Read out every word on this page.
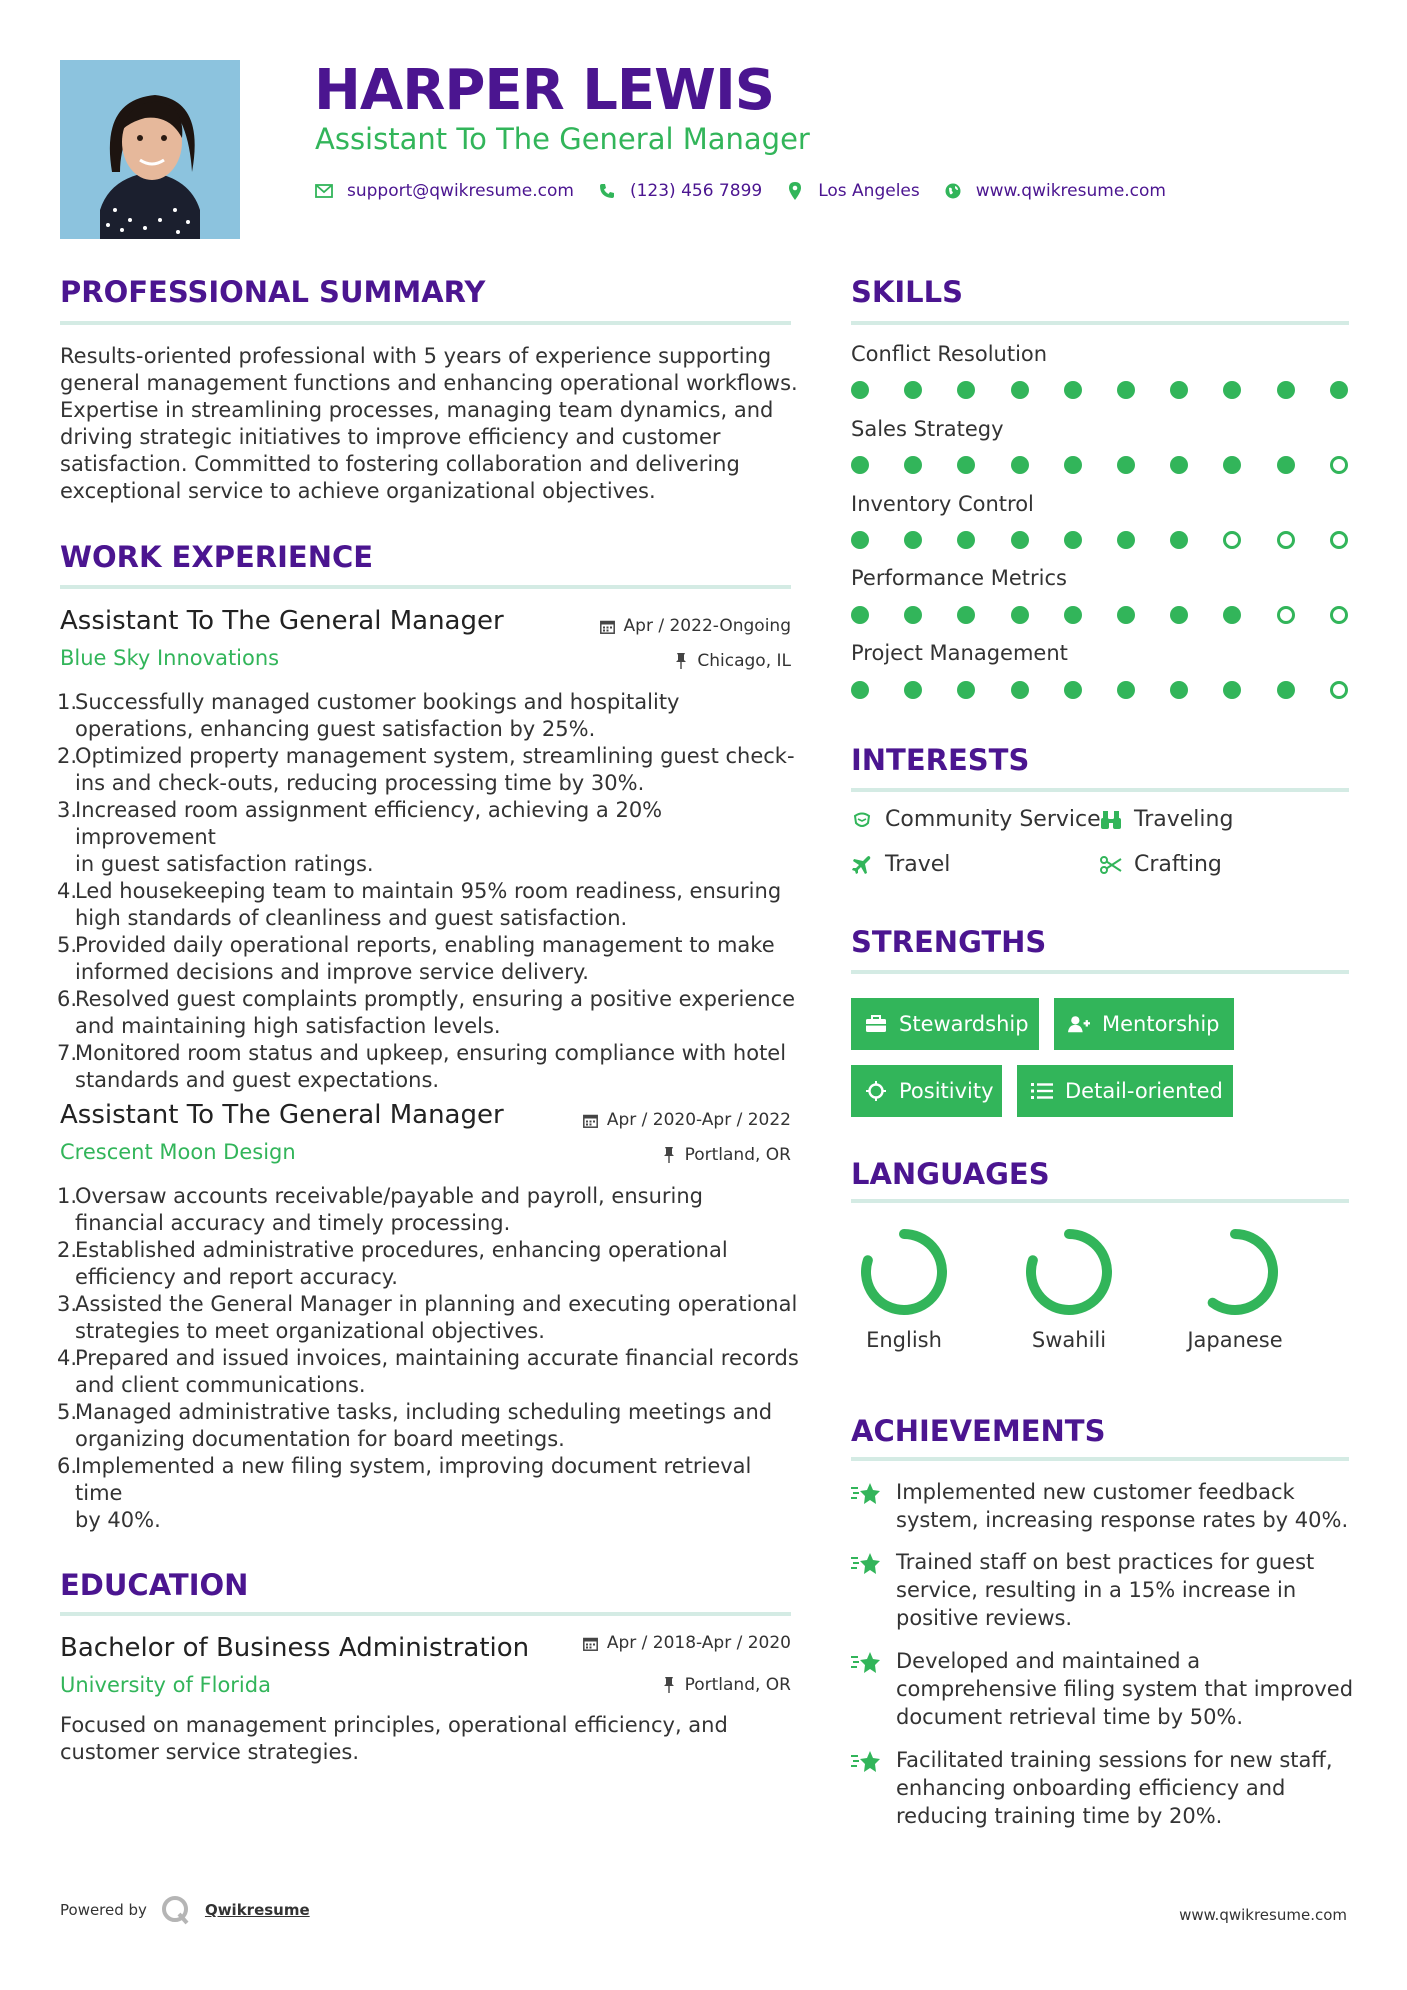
HARPER LEWIS
Assistant To The General Manager
support@qwikresume.com	(123) 456 7899	Los Angeles	www.qwikresume.com
PROFESSIONAL SUMMARY
Results-oriented professional with 5 years of experience supporting
general management functions and enhancing operational workflows.
Expertise in streamlining processes, managing team dynamics, and
driving strategic initiatives to improve efficiency and customer
satisfaction. Committed to fostering collaboration and delivering
exceptional service to achieve organizational objectives.
WORK EXPERIENCE
Assistant To The General Manager	Apr / 2022-Ongoing
Blue Sky Innovations	Chicago, IL
1.
Successfully managed customer bookings and hospitality
operations, enhancing guest satisfaction by 25%.
2.
Optimized property management system, streamlining guest check-
ins and check-outs, reducing processing time by 30%.
3.
Increased room assignment efficiency, achieving a 20% improvement
in guest satisfaction ratings.
4.
Led housekeeping team to maintain 95% room readiness, ensuring
high standards of cleanliness and guest satisfaction.
5.
Provided daily operational reports, enabling management to make
informed decisions and improve service delivery.
6.
Resolved guest complaints promptly, ensuring a positive experience
and maintaining high satisfaction levels.
7.
Monitored room status and upkeep, ensuring compliance with hotel
standards and guest expectations.
Assistant To The General Manager	Apr / 2020-Apr / 2022
Crescent Moon Design	Portland, OR
1.
Oversaw accounts receivable/payable and payroll, ensuring
financial accuracy and timely processing.
2.
Established administrative procedures, enhancing operational
efficiency and report accuracy.
3.
Assisted the General Manager in planning and executing operational
strategies to meet organizational objectives.
4.
Prepared and issued invoices, maintaining accurate financial records
and client communications.
5.
Managed administrative tasks, including scheduling meetings and
organizing documentation for board meetings.
6.
Implemented a new filing system, improving document retrieval time
by 40%.
EDUCATION
Bachelor of Business Administration	Apr / 2018-Apr / 2020
University of Florida	Portland, OR
Focused on management principles, operational efficiency, and
customer service strategies.
SKILLS
Conflict Resolution
Sales Strategy
Inventory Control
Performance Metrics
Project Management
INTERESTS
Community Service Traveling
Travel	Crafting
STRENGTHS
Stewardship	Mentorship
Positivity	Detail-oriented
LANGUAGES
English	Swahili	Japanese
ACHIEVEMENTS
Implemented new customer feedback
system, increasing response rates by 40%.
Trained staff on best practices for guest
service, resulting in a 15% increase in
positive reviews.
Developed and maintained a
comprehensive filing system that improved
document retrieval time by 50%.
Facilitated training sessions for new staff,
enhancing onboarding efficiency and
reducing training time by 20%.
Powered by	Qwikresume	www.qwikresume.com
